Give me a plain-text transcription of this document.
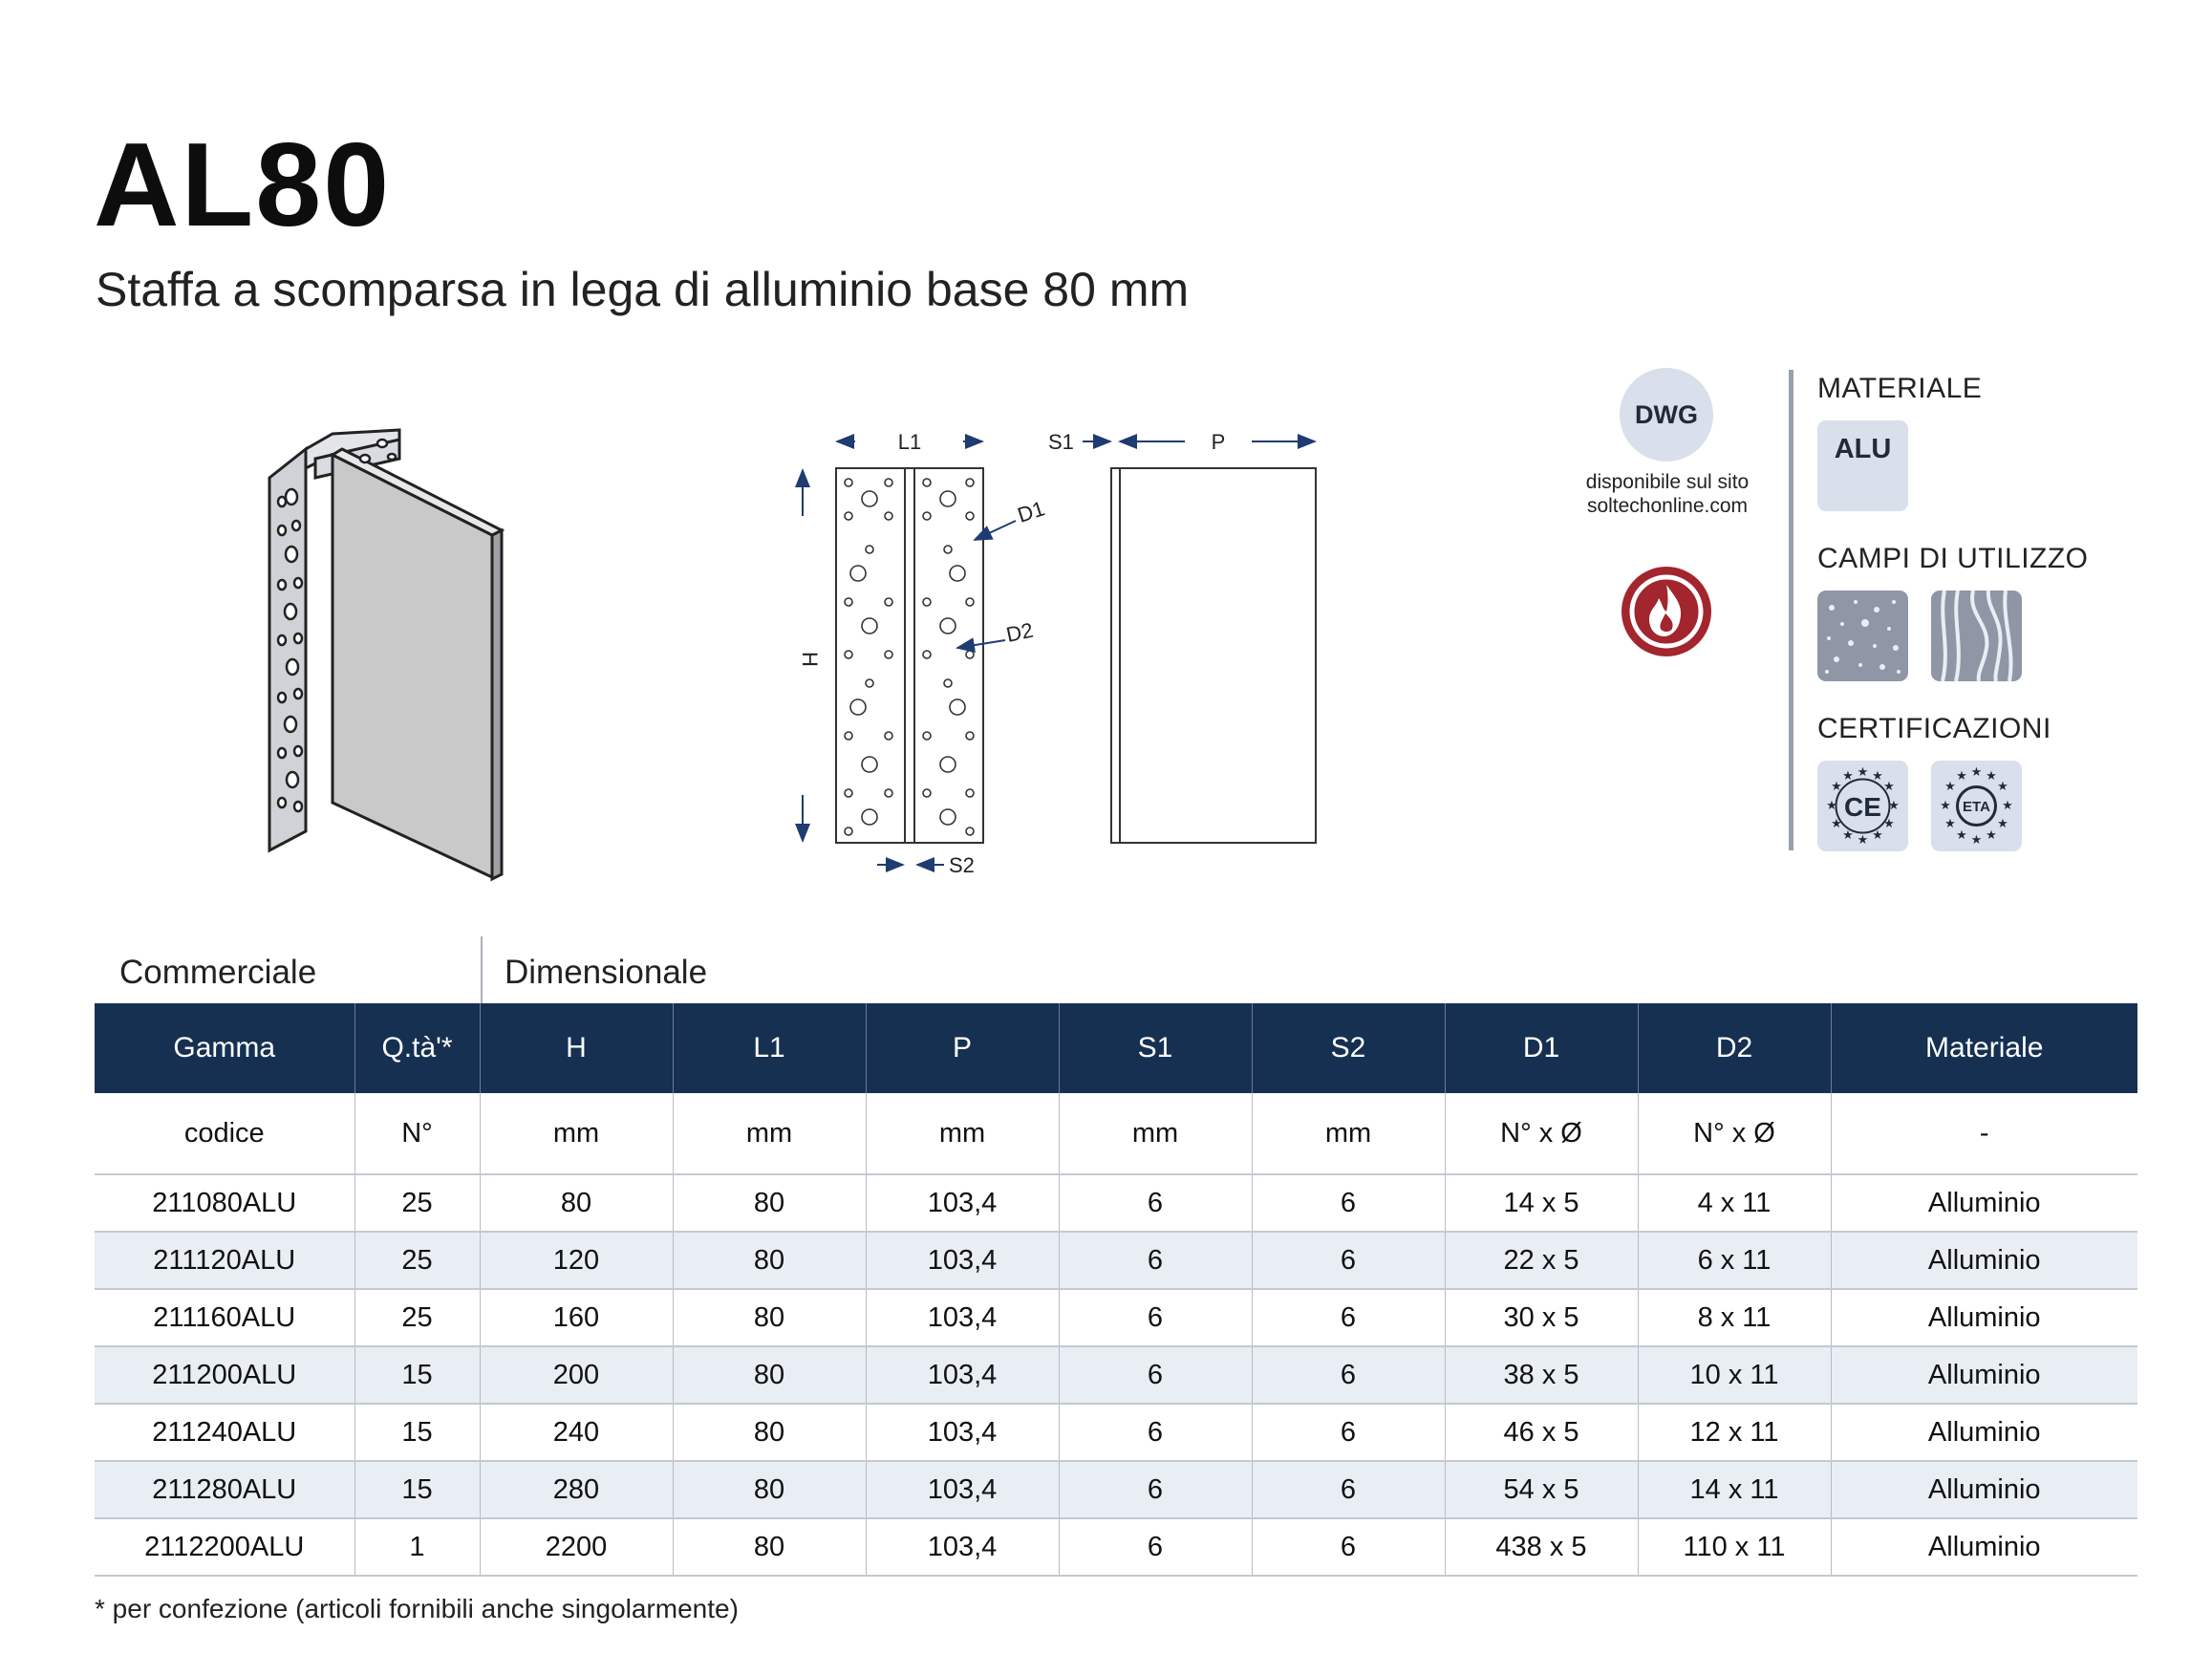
AL80
Staffa a scomparsa in lega di alluminio base 80 mm
L1
H
D1
D2
S2
S1	P
DWG
disponibile sul sito
soltechonline.com
MATERIALE
ALU
CAMPI DI UTILIZZO
CERTIFICAZIONI
★ ★
★
★
★
★
★
★
★
★
★
★
CE
★ ★
★
★
★
★
★
★
★
★
★
★
ETA
Commerciale	Dimensionale
Gamma	Q.tà'*	H	L1	P	S1	S2	D1	D2	Materiale
codice	N°	mm	mm	mm	mm	mm	N° x Ø	N° x Ø	-
211080ALU	25	80	80	103,4	6	6	14 x 5	4 x 11	Alluminio
211120ALU	25	120	80	103,4	6	6	22 x 5	6 x 11	Alluminio
211160ALU	25	160	80	103,4	6	6	30 x 5	8 x 11	Alluminio
211200ALU	15	200	80	103,4	6	6	38 x 5	10 x 11	Alluminio
211240ALU	15	240	80	103,4	6	6	46 x 5	12 x 11	Alluminio
211280ALU	15	280	80	103,4	6	6	54 x 5	14 x 11	Alluminio
2112200ALU	1	2200	80	103,4	6	6	438 x 5	110 x 11	Alluminio
* per confezione (articoli fornibili anche singolarmente)
